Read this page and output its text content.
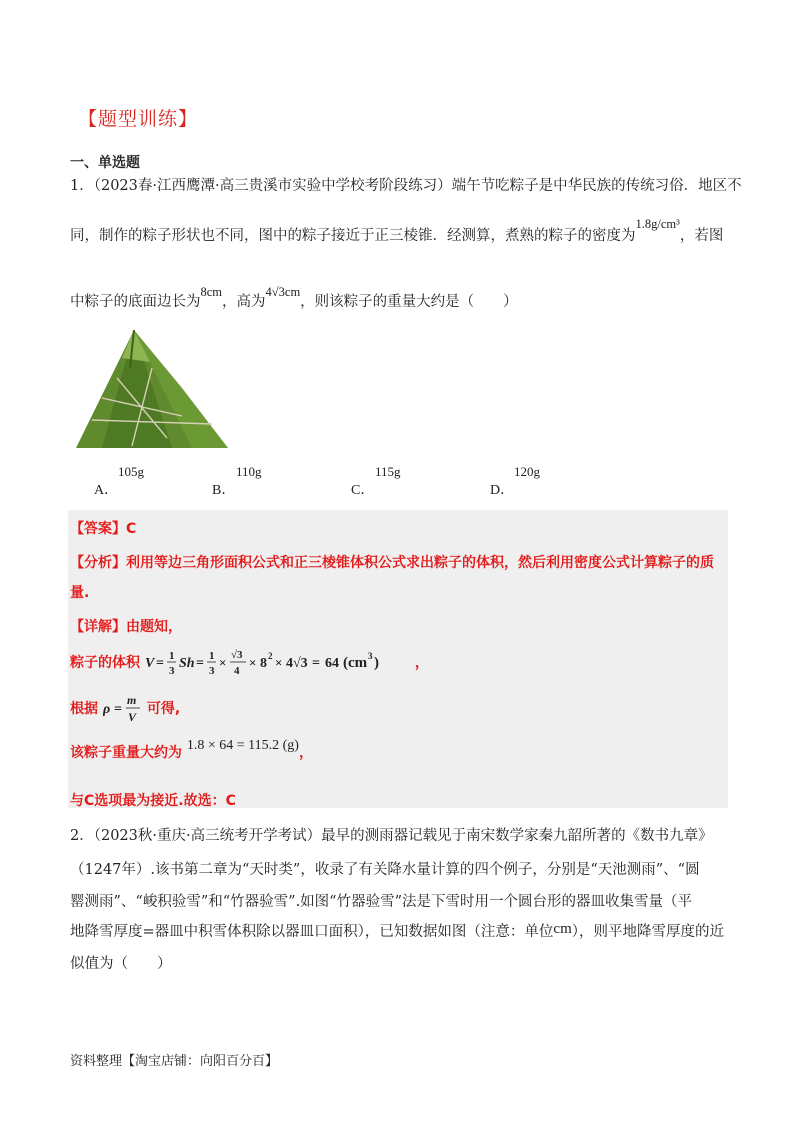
【题型训练】
一、单选题
1．（2023春·江西鹰潭·高三贵溪市实验中学校考阶段练习）端午节吃粽子是中华民族的传统习俗．地区不
同，制作的粽子形状也不同，图中的粽子接近于正三棱锥．经测算，煮熟的粽子的密度为1.8g/cm³，若图
中粽子的底面边长为8cm，高为4√3cm，则该粽子的重量大约是（　　）
A．
105g
B．
110g
C．
115g
D．
120g
【答案】C
【分析】利用等边三角形面积公式和正三棱锥体积公式求出粽子的体积，然后利用密度公式计算粽子的质
量.
【详解】由题知，
粽子的体积 V = 1
3 Sh = 1
3
× √3
4
× 8 2 × 4√3 = 64 (cm 3 )	，
根据 ρ =
m
V 可得,
该粽子重量大约为 1.8 × 64 = 115.2 (g)，
与C选项最为接近.故选：C
2．（2023秋·重庆·高三统考开学考试）最早的测雨器记载见于南宋数学家秦九韶所著的《数书九章》
（1247年）.该书第二章为“天时类”，收录了有关降水量计算的四个例子，分别是“天池测雨”、“圆
罂测雨”、“峻积验雪”和“竹器验雪”.如图“竹器验雪”法是下雪时用一个圆台形的器皿收集雪量（平
地降雪厚度=器皿中积雪体积除以器皿口面积），已知数据如图（注意：单位cm），则平地降雪厚度的近
似值为（　　）
资料整理【淘宝店铺：向阳百分百】
